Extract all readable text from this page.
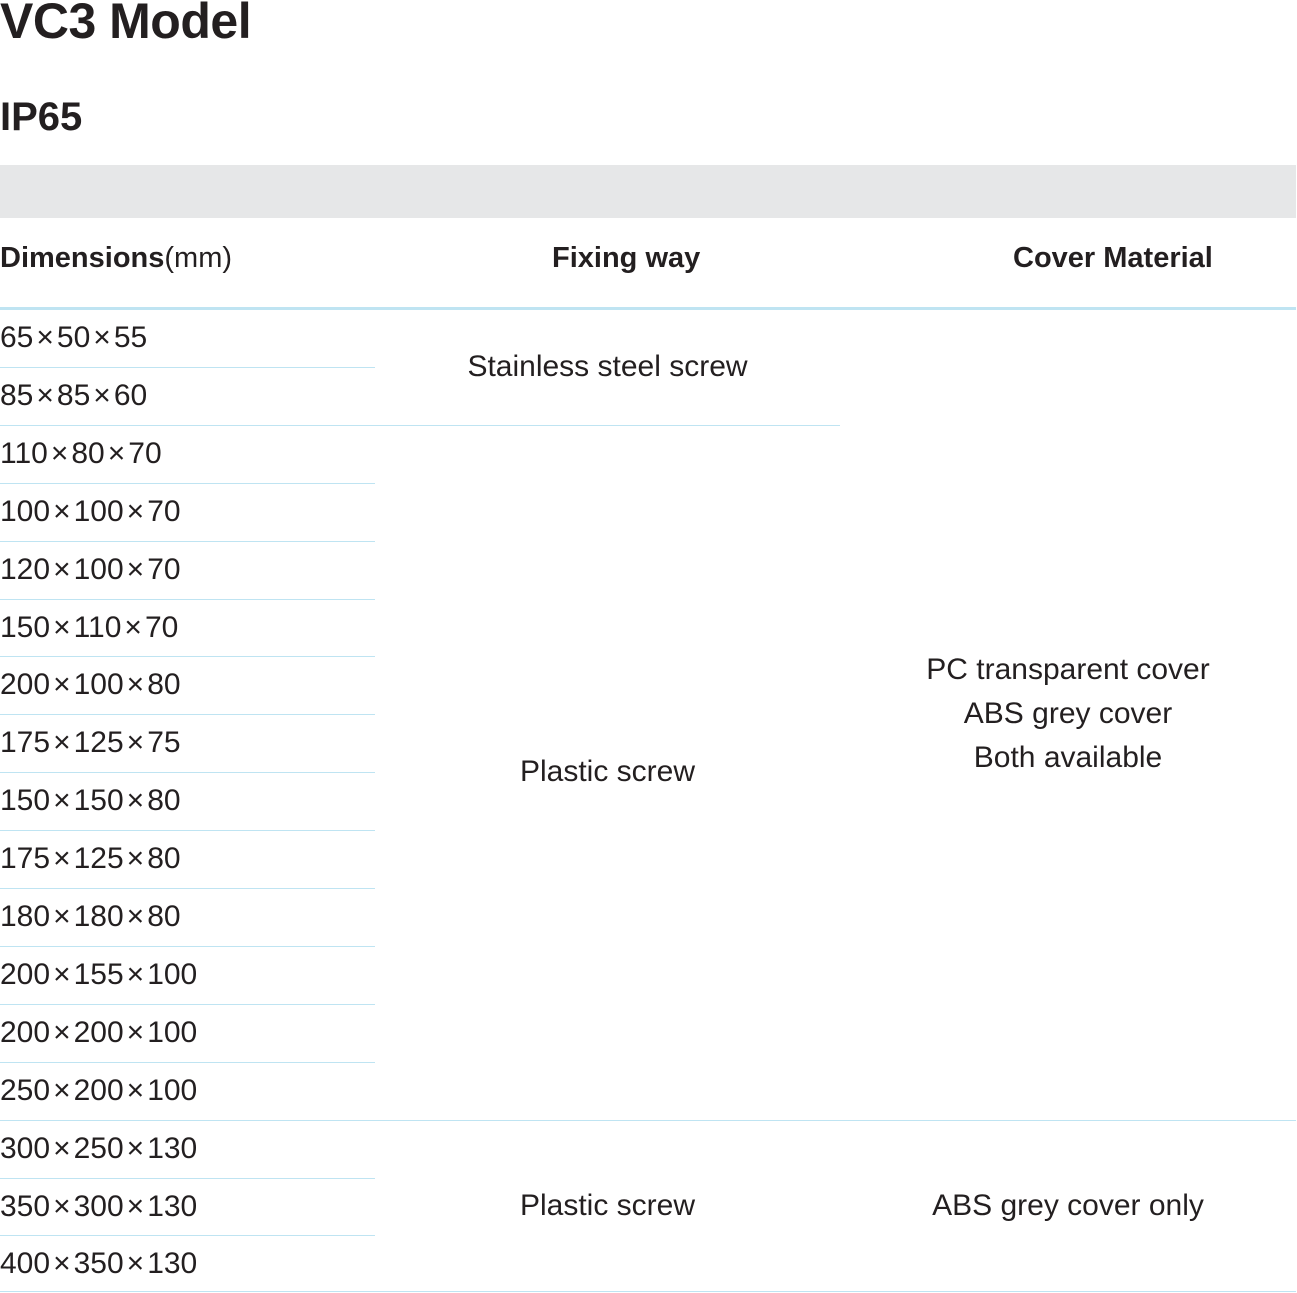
VC3 Model
IP65
Dimensions(mm)	Fixing way	Cover Material
65 × 50 × 55
85 × 85 × 60
110 × 80 × 70
100 × 100 × 70
120 × 100 × 70
150 × 110 × 70
200 × 100 × 80
175 × 125 × 75
150 × 150 × 80
175 × 125 × 80
180 × 180 × 80
200 × 155 × 100
200 × 200 × 100
250 × 200 × 100
300 × 250 × 130
350 × 300 × 130
400 × 350 × 130
Stainless steel screw
Plastic screw
Plastic screw
PC transparent cover
ABS grey cover
Both available
ABS grey cover only
